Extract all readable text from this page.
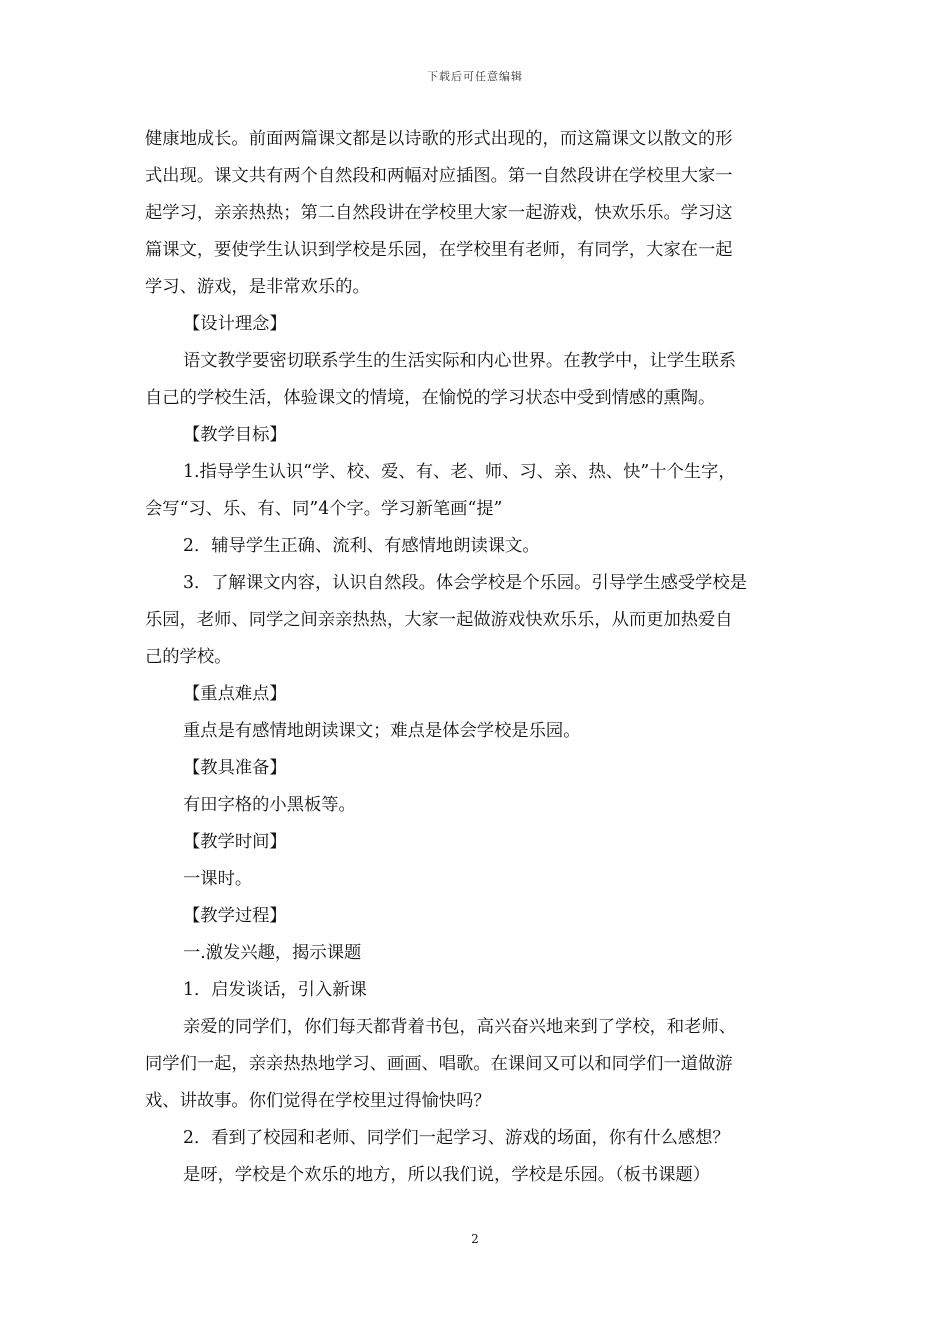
下载后可任意编辑

健康地成长。前面两篇课文都是以诗歌的形式出现的，而这篇课文以散文的形

式出现。课文共有两个自然段和两幅对应插图。第一自然段讲在学校里大家一

起学习，亲亲热热；第二自然段讲在学校里大家一起游戏，快欢乐乐。学习这

篇课文，要使学生认识到学校是乐园，在学校里有老师，有同学，大家在一起

学习、游戏，是非常欢乐的。

【设计理念】

语文教学要密切联系学生的生活实际和内心世界。在教学中，让学生联系

自己的学校生活，体验课文的情境，在愉悦的学习状态中受到情感的熏陶。

【教学目标】

1.指导学生认识“学、校、爱、有、老、师、习、亲、热、快”十个生字，

会写“习、乐、有、同”4个字。学习新笔画“提”

2．辅导学生正确、流利、有感情地朗读课文。

3．了解课文内容，认识自然段。体会学校是个乐园。引导学生感受学校是

乐园，老师、同学之间亲亲热热，大家一起做游戏快欢乐乐，从而更加热爱自

己的学校。

【重点难点】

重点是有感情地朗读课文；难点是体会学校是乐园。

【教具准备】

有田字格的小黑板等。

【教学时间】

一课时。

【教学过程】

一.激发兴趣，揭示课题

1．启发谈话，引入新课

亲爱的同学们，你们每天都背着书包，高兴奋兴地来到了学校，和老师、

同学们一起，亲亲热热地学习、画画、唱歌。在课间又可以和同学们一道做游

戏、讲故事。你们觉得在学校里过得愉快吗？

2．看到了校园和老师、同学们一起学习、游戏的场面，你有什么感想？

是呀，学校是个欢乐的地方，所以我们说，学校是乐园。（板书课题）

2
